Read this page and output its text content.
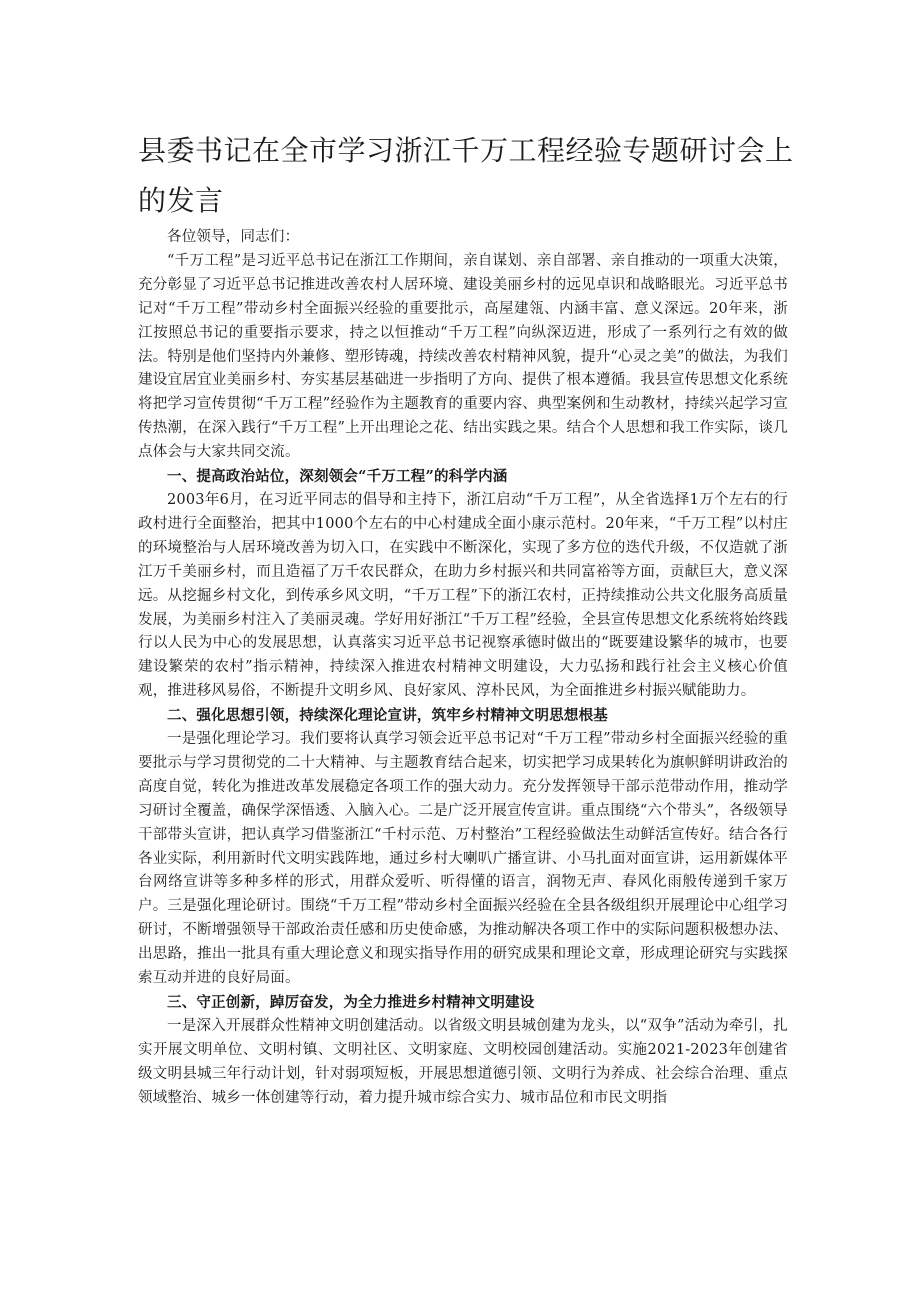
县委书记在全市学习浙江千万工程经验专题研讨会上的发言

各位领导，同志们：

“千万工程”是习近平总书记在浙江工作期间，亲自谋划、亲自部署、亲自推动的一项重大决策，充分彰显了习近平总书记推进改善农村人居环境、建设美丽乡村的远见卓识和战略眼光。习近平总书记对“千万工程”带动乡村全面振兴经验的重要批示，高屋建瓴、内涵丰富、意义深远。20年来，浙江按照总书记的重要指示要求，持之以恒推动“千万工程”向纵深迈进，形成了一系列行之有效的做法。特别是他们坚持内外兼修、塑形铸魂，持续改善农村精神风貌，提升“心灵之美”的做法，为我们建设宜居宜业美丽乡村、夯实基层基础进一步指明了方向、提供了根本遵循。我县宣传思想文化系统将把学习宣传贯彻“千万工程”经验作为主题教育的重要内容、典型案例和生动教材，持续兴起学习宣传热潮，在深入践行“千万工程”上开出理论之花、结出实践之果。结合个人思想和我工作实际，谈几点体会与大家共同交流。

一、提高政治站位，深刻领会“千万工程”的科学内涵

2003年6月，在习近平同志的倡导和主持下，浙江启动“千万工程”，从全省选择1万个左右的行政村进行全面整治，把其中1000个左右的中心村建成全面小康示范村。20年来，“千万工程”以村庄的环境整治与人居环境改善为切入口，在实践中不断深化，实现了多方位的迭代升级，不仅造就了浙江万千美丽乡村，而且造福了万千农民群众，在助力乡村振兴和共同富裕等方面，贡献巨大，意义深远。从挖掘乡村文化，到传承乡风文明，“千万工程”下的浙江农村，正持续推动公共文化服务高质量发展，为美丽乡村注入了美丽灵魂。学好用好浙江“千万工程”经验，全县宣传思想文化系统将始终践行以人民为中心的发展思想，认真落实习近平总书记视察承德时做出的“既要建设繁华的城市，也要建设繁荣的农村”指示精神，持续深入推进农村精神文明建设，大力弘扬和践行社会主义核心价值观，推进移风易俗，不断提升文明乡风、良好家风、淳朴民风，为全面推进乡村振兴赋能助力。

二、强化思想引领，持续深化理论宣讲，筑牢乡村精神文明思想根基

一是强化理论学习。我们要将认真学习领会近平总书记对“千万工程”带动乡村全面振兴经验的重要批示与学习贯彻党的二十大精神、与主题教育结合起来，切实把学习成果转化为旗帜鲜明讲政治的高度自觉，转化为推进改革发展稳定各项工作的强大动力。充分发挥领导干部示范带动作用，推动学习研讨全覆盖，确保学深悟透、入脑入心。二是广泛开展宣传宣讲。重点围绕“六个带头”，各级领导干部带头宣讲，把认真学习借鉴浙江“千村示范、万村整治”工程经验做法生动鲜活宣传好。结合各行各业实际，利用新时代文明实践阵地，通过乡村大喇叭广播宣讲、小马扎面对面宣讲，运用新媒体平台网络宣讲等多种多样的形式，用群众爱听、听得懂的语言，润物无声、春风化雨般传递到千家万户。三是强化理论研讨。围绕“千万工程”带动乡村全面振兴经验在全县各级组织开展理论中心组学习研讨，不断增强领导干部政治责任感和历史使命感，为推动解决各项工作中的实际问题积极想办法、出思路，推出一批具有重大理论意义和现实指导作用的研究成果和理论文章，形成理论研究与实践探索互动并进的良好局面。

三、守正创新，踔厉奋发，为全力推进乡村精神文明建设

一是深入开展群众性精神文明创建活动。以省级文明县城创建为龙头，以“双争”活动为牵引，扎实开展文明单位、文明村镇、文明社区、文明家庭、文明校园创建活动。实施2021-2023年创建省级文明县城三年行动计划，针对弱项短板，开展思想道德引领、文明行为养成、社会综合治理、重点领域整治、城乡一体创建等行动，着力提升城市综合实力、城市品位和市民文明指
